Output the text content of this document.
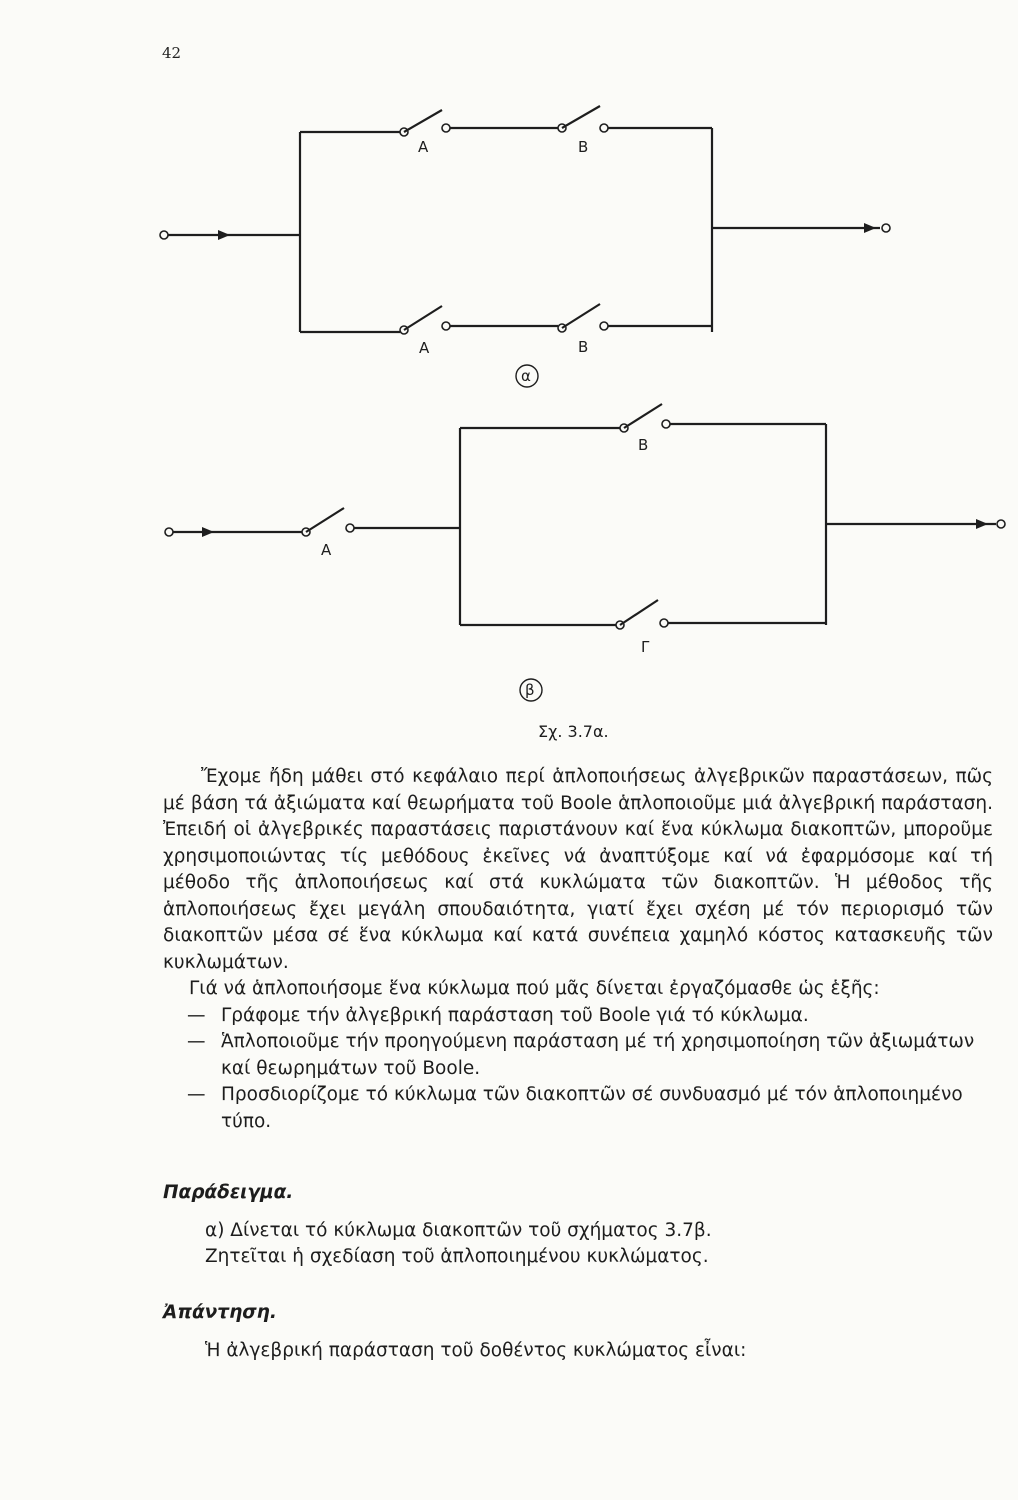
42
A	B
A	B
α
A
B
Γ
β
Σχ. 3.7α.

Ἔχομε ἤδη μάθει στό κεφάλαιο περί ἁπλοποιήσεως ἀλγεβρικῶν παραστάσεων, πῶς μέ βάση τά ἀξιώματα καί θεωρήματα τοῦ Boole ἁπλοποιοῦμε μιά ἀλγεβρική παράσταση. Ἐπειδή οἱ ἀλγεβρικές παραστάσεις παριστάνουν καί ἕνα κύκλωμα διακοπτῶν, μποροῦμε χρησιμοποιώντας τίς μεθόδους ἐκεῖνες νά ἀναπτύξομε καί νά ἐφαρμόσομε καί τή μέθοδο τῆς ἁπλοποιήσεως καί στά κυκλώματα τῶν διακοπτῶν. Ἡ μέθοδος τῆς ἁπλοποιήσεως ἔχει μεγάλη σπουδαιότητα, γιατί ἔχει σχέση μέ τόν περιορισμό τῶν διακοπτῶν μέσα σέ ἕνα κύκλωμα καί κατά συνέπεια χαμηλό κόστος κατασκευῆς τῶν κυκλωμάτων.

Γιά νά ἁπλοποιήσομε ἕνα κύκλωμα πού μᾶς δίνεται ἐργαζόμασθε ὡς ἑξῆς:

— Γράφομε τήν ἀλγεβρική παράσταση τοῦ Boole γιά τό κύκλωμα.
— Ἁπλοποιοῦμε τήν προηγούμενη παράσταση μέ τή χρησιμοποίηση τῶν ἀξιωμάτων καί θεωρημάτων τοῦ Boole.
— Προσδιορίζομε τό κύκλωμα τῶν διακοπτῶν σέ συνδυασμό μέ τόν ἁπλοποιημένο τύπο.
Παράδειγμα.
α) Δίνεται τό κύκλωμα διακοπτῶν τοῦ σχήματος 3.7β.
Ζητεῖται ἡ σχεδίαση τοῦ ἁπλοποιημένου κυκλώματος.
Ἀπάντηση.
Ἡ ἀλγεβρική παράσταση τοῦ δοθέντος κυκλώματος εἶναι:
